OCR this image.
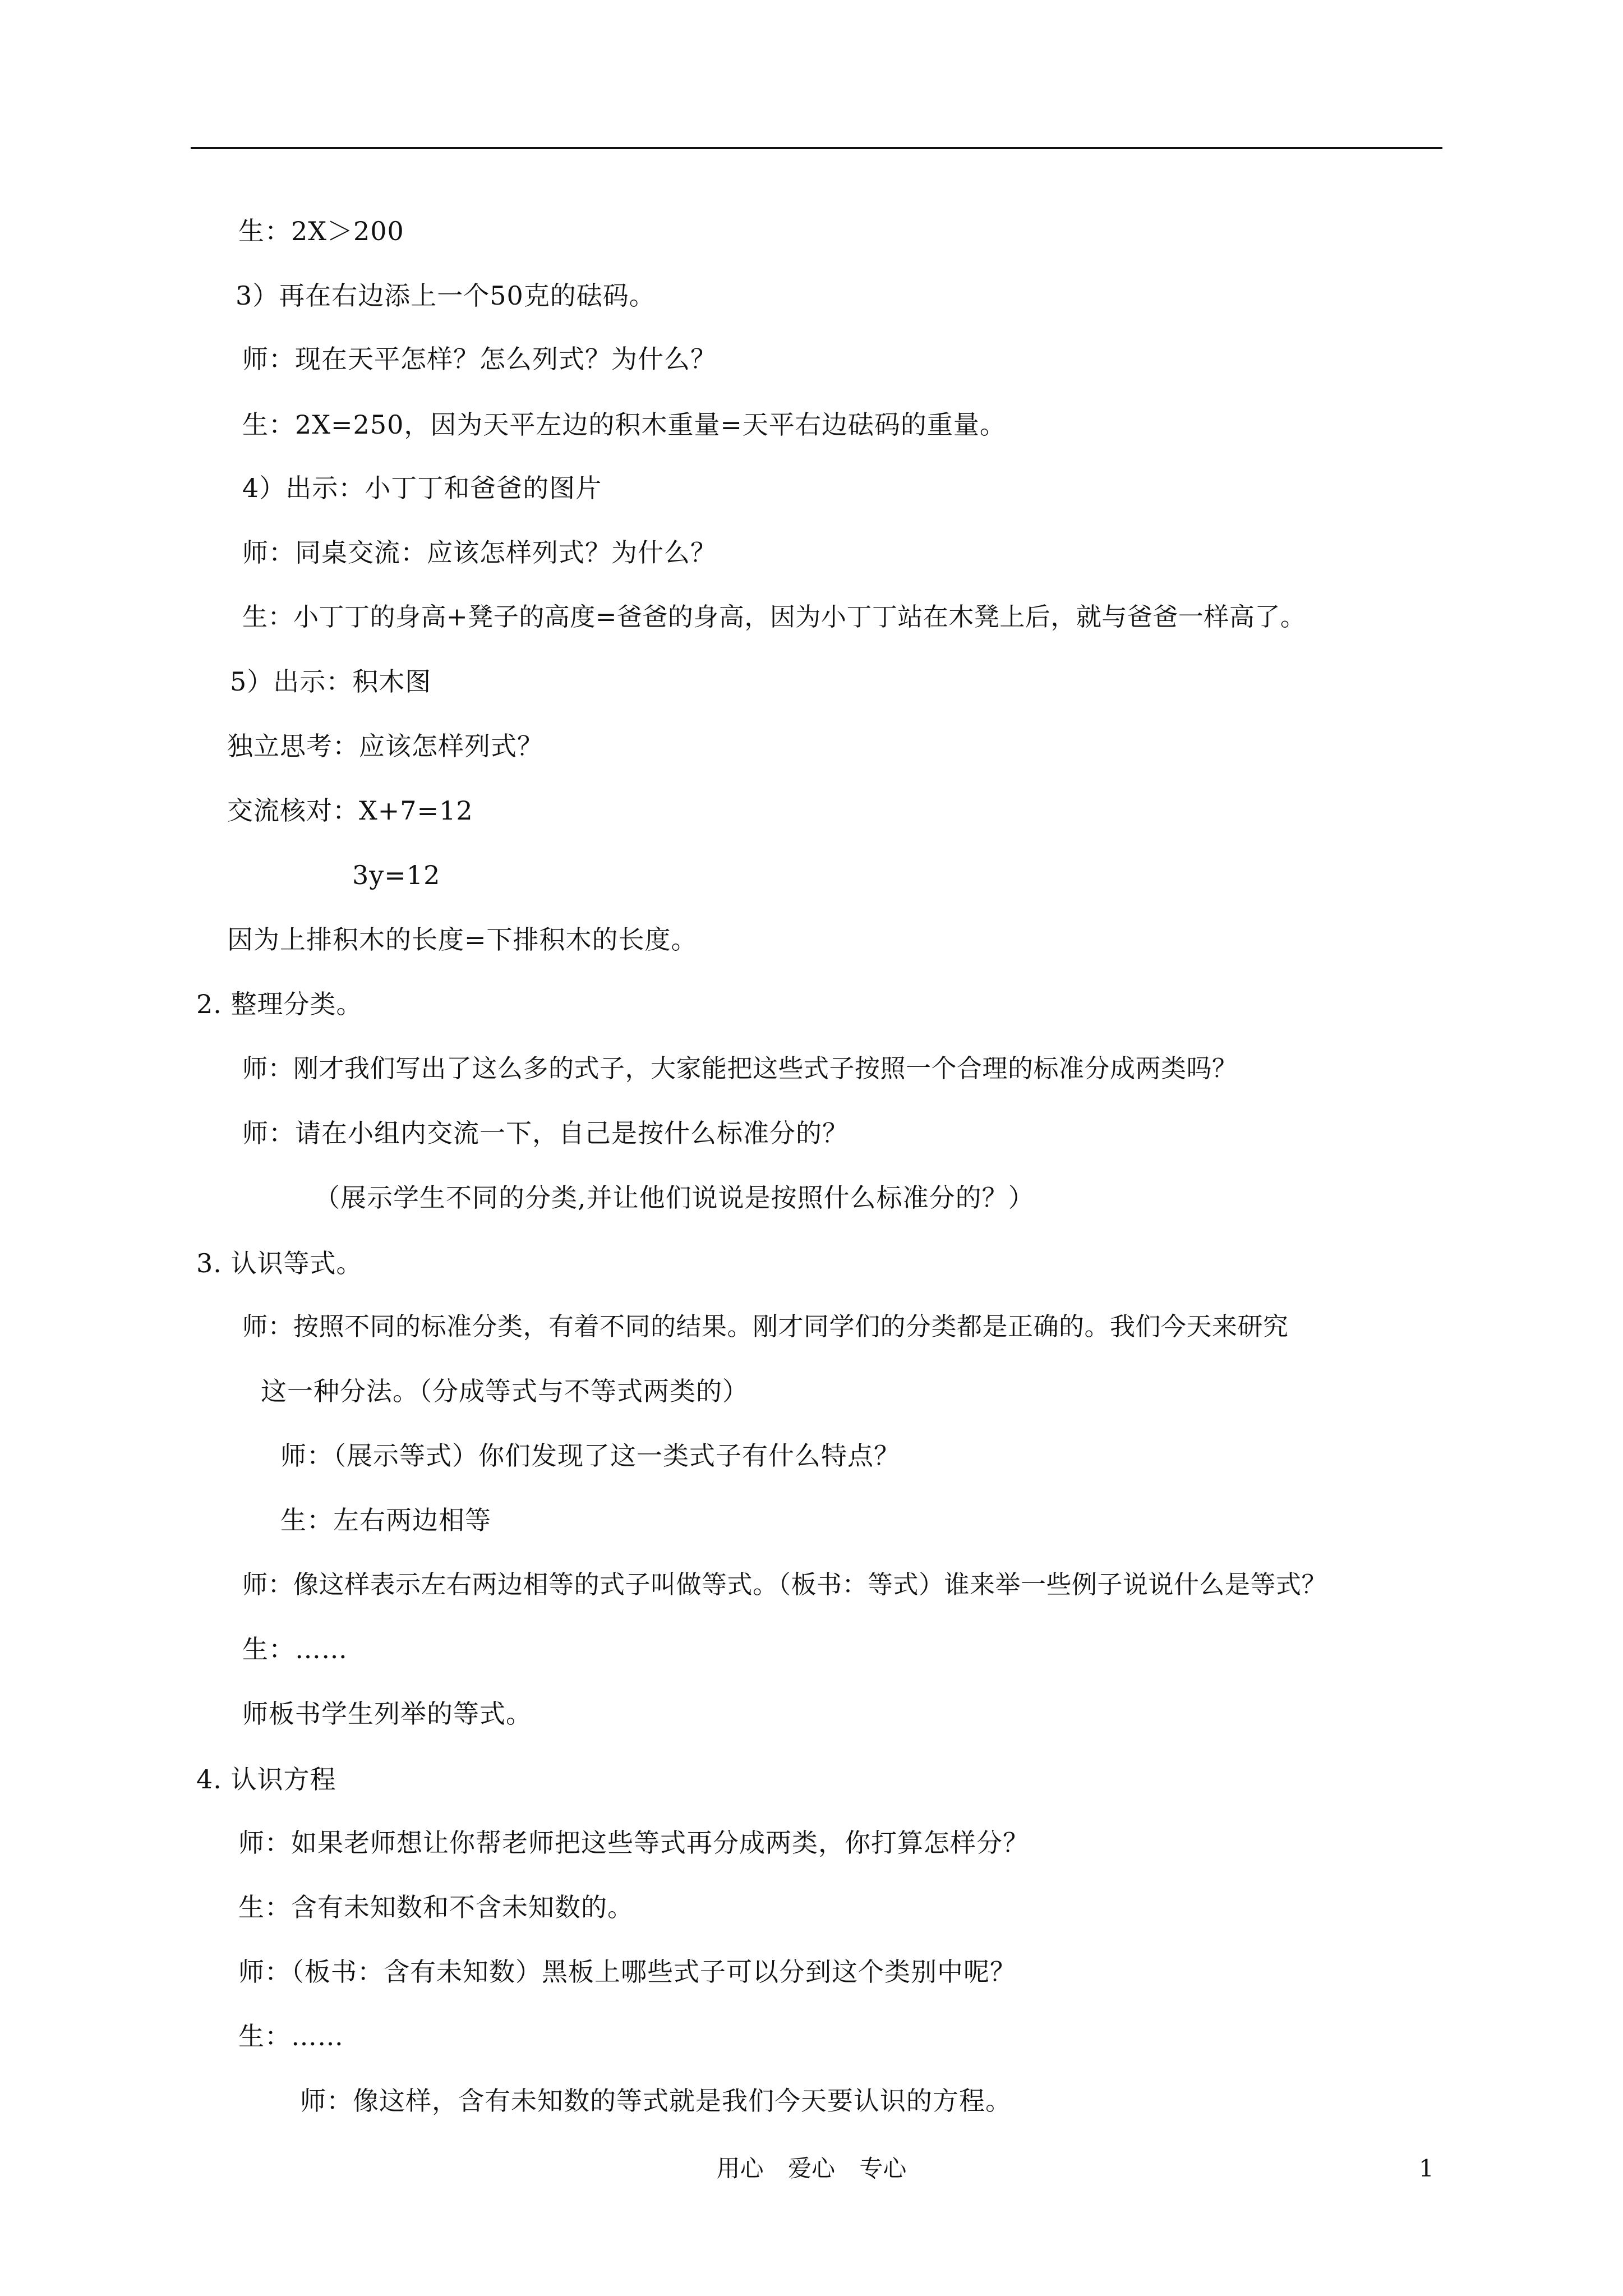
生：2X＞200
3）再在右边添上一个50克的砝码。
师：现在天平怎样？怎么列式？为什么？
生：2X=250，因为天平左边的积木重量=天平右边砝码的重量。
4）出示：小丁丁和爸爸的图片
师：同桌交流：应该怎样列式？为什么？
生：小丁丁的身高+凳子的高度=爸爸的身高，因为小丁丁站在木凳上后，就与爸爸一样高了。
5）出示：积木图
独立思考：应该怎样列式？
交流核对：X+7=12
3y=12
因为上排积木的长度=下排积木的长度。
2. 整理分类。
师：刚才我们写出了这么多的式子，大家能把这些式子按照一个合理的标准分成两类吗？
师：请在小组内交流一下，自己是按什么标准分的？
（展示学生不同的分类,并让他们说说是按照什么标准分的？）
3. 认识等式。
师：按照不同的标准分类，有着不同的结果。刚才同学们的分类都是正确的。我们今天来研究
这一种分法。（分成等式与不等式两类的）
师：（展示等式）你们发现了这一类式子有什么特点？
生：左右两边相等
师：像这样表示左右两边相等的式子叫做等式。（板书：等式）谁来举一些例子说说什么是等式？
生：……
师板书学生列举的等式。
4. 认识方程
师：如果老师想让你帮老师把这些等式再分成两类，你打算怎样分？
生：含有未知数和不含未知数的。
师：（板书：含有未知数）黑板上哪些式子可以分到这个类别中呢？
生：……
师：像这样，含有未知数的等式就是我们今天要认识的方程。
用心 爱心 专心	1
